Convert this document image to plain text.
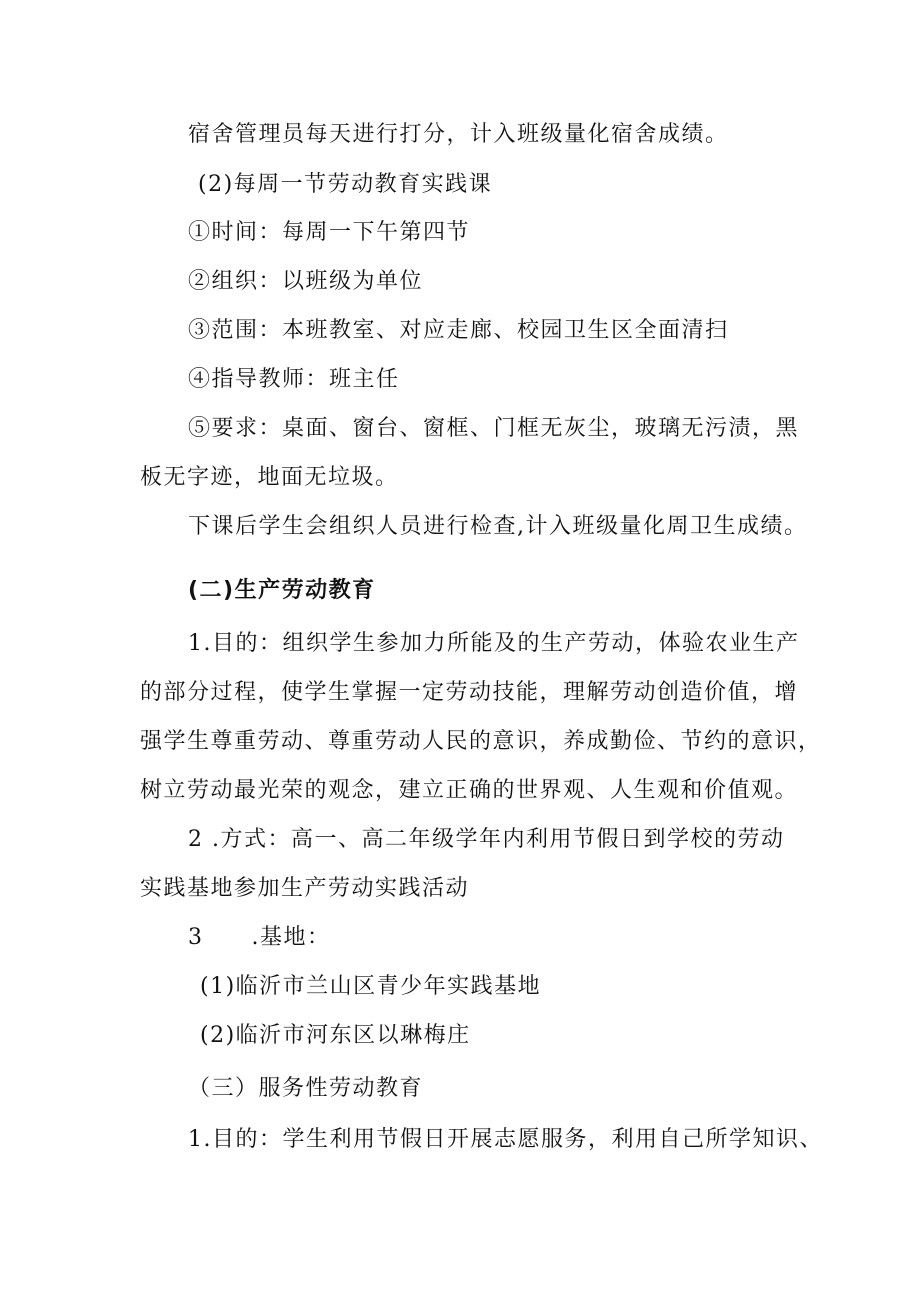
宿舍管理员每天进行打分，计入班级量化宿舍成绩。

(2)每周一节劳动教育实践课

①时间：每周一下午第四节

②组织：以班级为单位

③范围：本班教室、对应走廊、校园卫生区全面清扫

④指导教师：班主任

⑤要求：桌面、窗台、窗框、门框无灰尘，玻璃无污渍，黑

板无字迹，地面无垃圾。

下课后学生会组织人员进行检查,计入班级量化周卫生成绩。

(二)生产劳动教育

1.目的：组织学生参加力所能及的生产劳动，体验农业生产

的部分过程，使学生掌握一定劳动技能，理解劳动创造价值，增

强学生尊重劳动、尊重劳动人民的意识，养成勤俭、节约的意识，

树立劳动最光荣的观念，建立正确的世界观、人生观和价值观。

2 .方式：高一、高二年级学年内利用节假日到学校的劳动

实践基地参加生产劳动实践活动

3 .基地：

(1)临沂市兰山区青少年实践基地

(2)临沂市河东区以琳梅庄

（三）服务性劳动教育

1.目的：学生利用节假日开展志愿服务，利用自己所学知识、
